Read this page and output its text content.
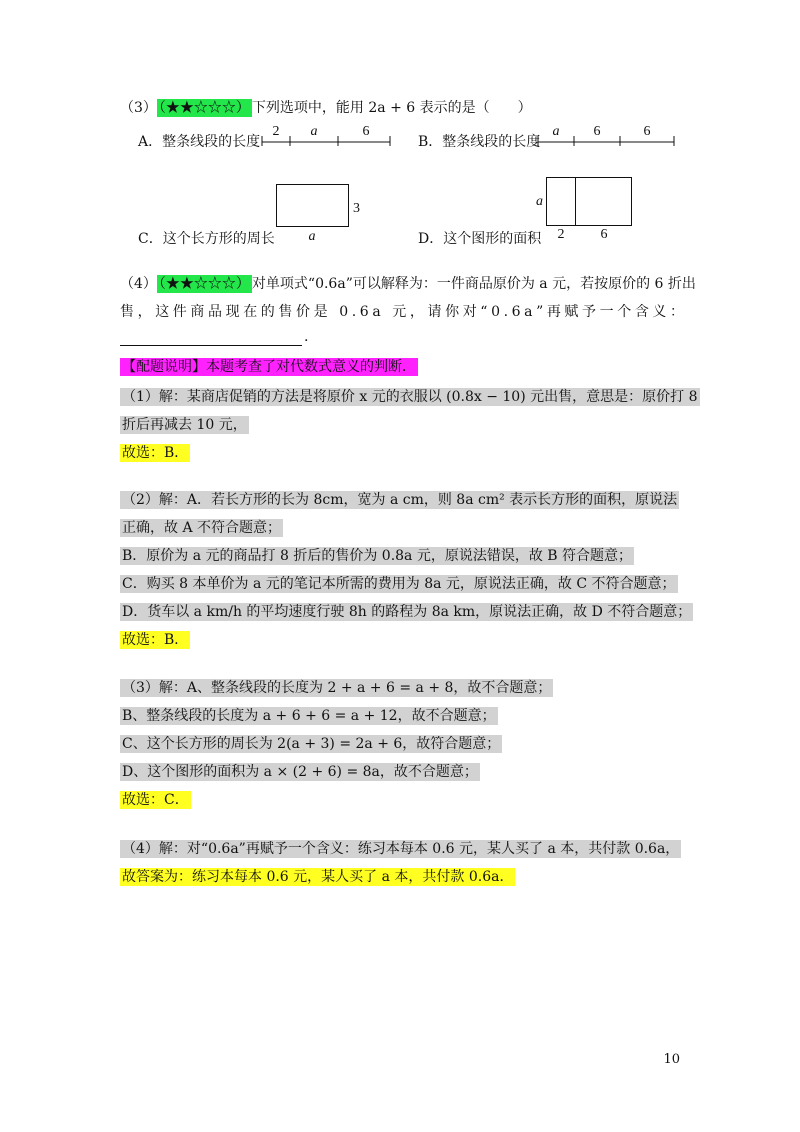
（3） （★★☆☆☆） 下列选项中，能用 2a + 6 表示的是（　　）
A．整条线段的长度
2 a	6
B．整条线段的长度
a 6	6
C．这个长方形的周长
3
a	D．这个图形的面积
a
2	6
（4） （★★☆☆☆） 对单项式“0.6a”可以解释为：一件商品原价为 a 元，若按原价的 6 折出
售，这件商品现在的售价是 0.6a 元，请你对“0.6a”再赋予一个含义：
.
【配题说明】本题考查了对代数式意义的判断．
（1）解：某商店促销的方法是将原价 x 元的衣服以 (0.8x − 10) 元出售，意思是：原价打 8
折后再减去 10 元，
故选：B．
（2）解：A．若长方形的长为 8cm，宽为 a cm，则 8a cm² 表示长方形的面积，原说法
正确，故 A 不符合题意；
B．原价为 a 元的商品打 8 折后的售价为 0.8a 元，原说法错误，故 B 符合题意；
C．购买 8 本单价为 a 元的笔记本所需的费用为 8a 元，原说法正确，故 C 不符合题意；
D．货车以 a km/h 的平均速度行驶 8h 的路程为 8a km，原说法正确，故 D 不符合题意；
故选：B．
（3）解：A、整条线段的长度为 2 + a + 6 = a + 8，故不合题意；
B、整条线段的长度为 a + 6 + 6 = a + 12，故不合题意；
C、这个长方形的周长为 2(a + 3) = 2a + 6，故符合题意；
D、这个图形的面积为 a × (2 + 6) = 8a，故不合题意；
故选：C．
（4）解：对“0.6a”再赋予一个含义：练习本每本 0.6 元，某人买了 a 本，共付款 0.6a，
故答案为：练习本每本 0.6 元，某人买了 a 本，共付款 0.6a．
10
